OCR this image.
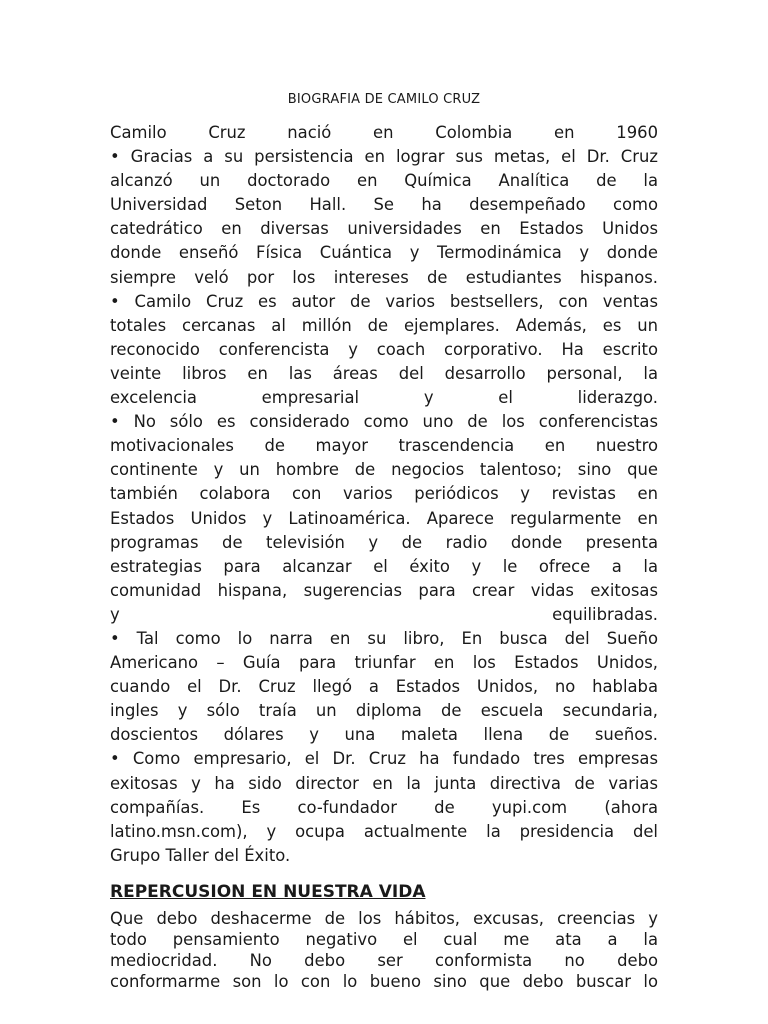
BIOGRAFIA DE CAMILO CRUZ
Camilo Cruz nació en Colombia en 1960
• Gracias a su persistencia en lograr sus metas, el Dr. Cruz
alcanzó un doctorado en Química Analítica de la
Universidad Seton Hall. Se ha desempeñado como
catedrático en diversas universidades en Estados Unidos
donde enseñó Física Cuántica y Termodinámica y donde
siempre veló por los intereses de estudiantes hispanos.
• Camilo Cruz es autor de varios bestsellers, con ventas
totales cercanas al millón de ejemplares. Además, es un
reconocido conferencista y coach corporativo. Ha escrito
veinte libros en las áreas del desarrollo personal, la
excelencia empresarial y el liderazgo.
• No sólo es considerado como uno de los conferencistas
motivacionales de mayor trascendencia en nuestro
continente y un hombre de negocios talentoso; sino que
también colabora con varios periódicos y revistas en
Estados Unidos y Latinoamérica. Aparece regularmente en
programas de televisión y de radio donde presenta
estrategias para alcanzar el éxito y le ofrece a la
comunidad hispana, sugerencias para crear vidas exitosas
y equilibradas.
• Tal como lo narra en su libro, En busca del Sueño
Americano – Guía para triunfar en los Estados Unidos,
cuando el Dr. Cruz llegó a Estados Unidos, no hablaba
ingles y sólo traía un diploma de escuela secundaria,
doscientos dólares y una maleta llena de sueños.
• Como empresario, el Dr. Cruz ha fundado tres empresas
exitosas y ha sido director en la junta directiva de varias
compañías. Es co-fundador de yupi.com (ahora
latino.msn.com), y ocupa actualmente la presidencia del
Grupo Taller del Éxito.
REPERCUSION EN NUESTRA VIDA
Que debo deshacerme de los hábitos, excusas, creencias y
todo pensamiento negativo el cual me ata a la
mediocridad. No debo ser conformista no debo
conformarme son lo con lo bueno sino que debo buscar lo
